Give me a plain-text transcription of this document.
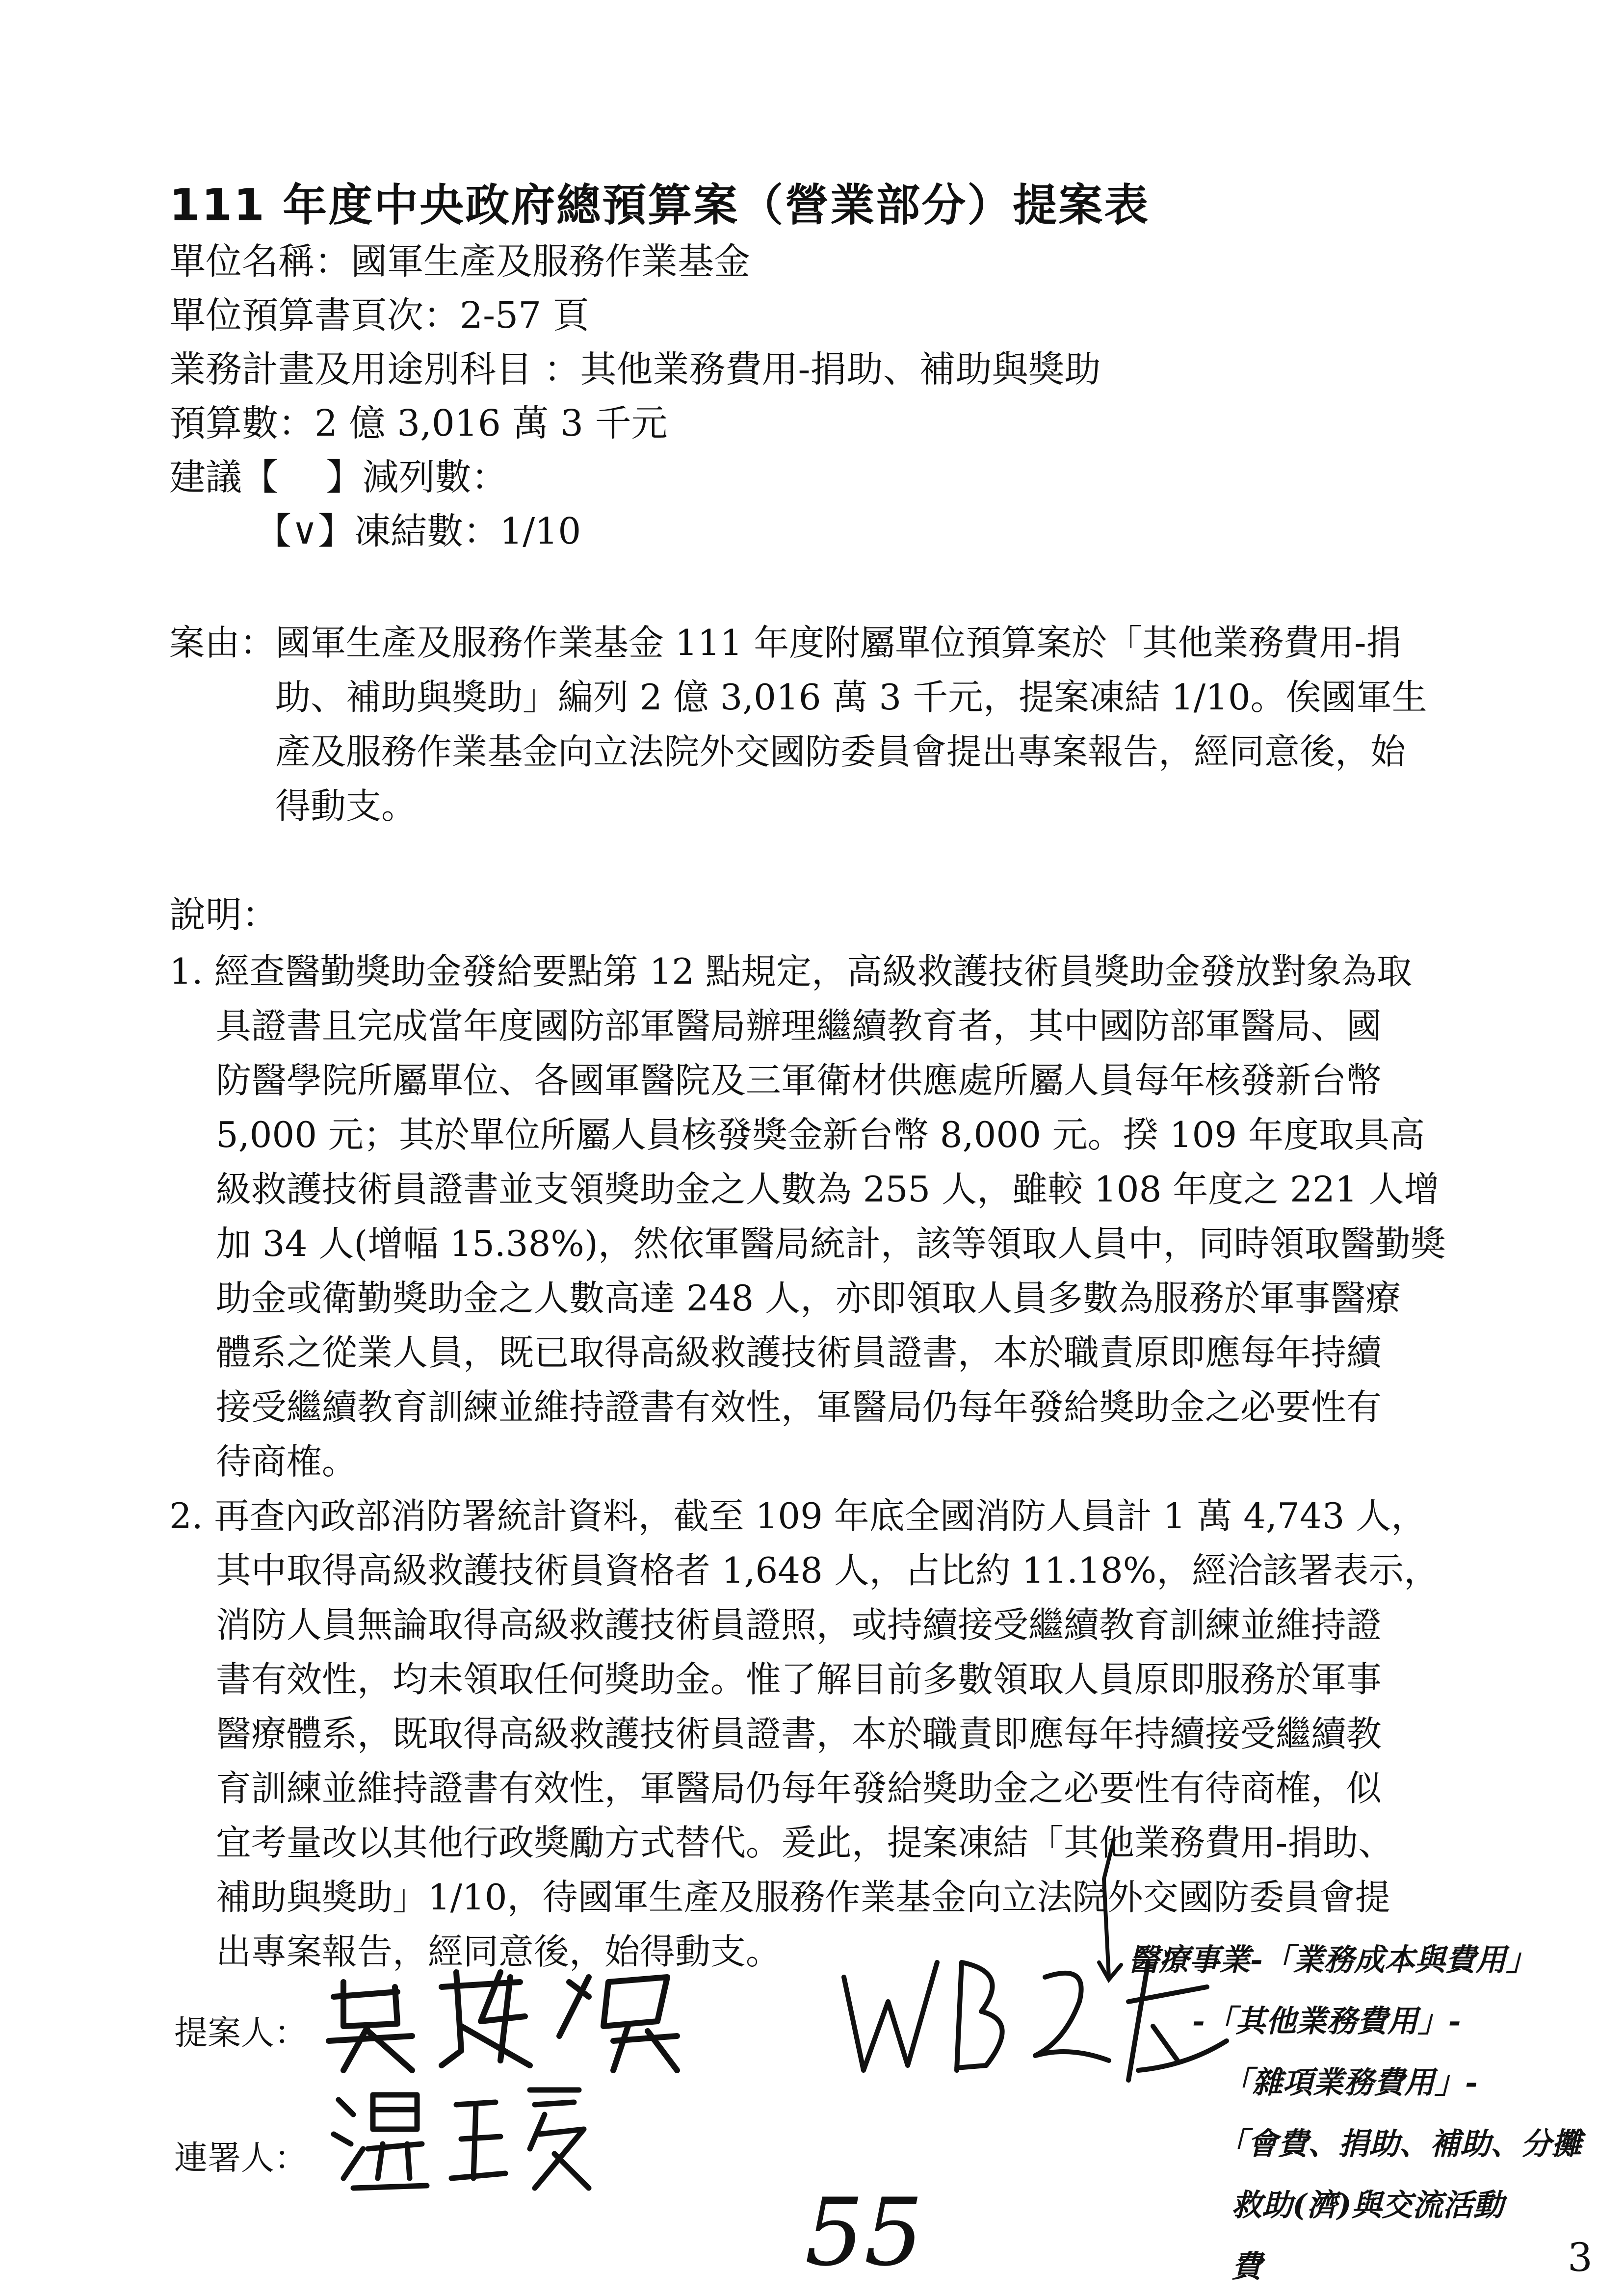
111 年度中央政府總預算案（營業部分）提案表
單位名稱：國軍生產及服務作業基金
單位預算書頁次：2-57 頁
業務計畫及用途別科目 ：其他業務費用-捐助、補助與獎助
預算數：2 億 3,016 萬 3 千元
建議【　 】減列數：
【∨】凍結數：1/10
案由：國軍生產及服務作業基金 111 年度附屬單位預算案於「其他業務費用-捐
　　　助、補助與獎助」編列 2 億 3,016 萬 3 千元，提案凍結 1/10。俟國軍生
　　　產及服務作業基金向立法院外交國防委員會提出專案報告，經同意後，始
　　　得動支。
說明：
1. 經查醫勤獎助金發給要點第 12 點規定，高級救護技術員獎助金發放對象為取
　 具證書且完成當年度國防部軍醫局辦理繼續教育者，其中國防部軍醫局、國
　 防醫學院所屬單位、各國軍醫院及三軍衛材供應處所屬人員每年核發新台幣
　 5,000 元；其於單位所屬人員核發獎金新台幣 8,000 元。揆 109 年度取具高
　 級救護技術員證書並支領獎助金之人數為 255 人，雖較 108 年度之 221 人增
　 加 34 人(增幅 15.38%)，然依軍醫局統計，該等領取人員中，同時領取醫勤獎
　 助金或衛勤獎助金之人數高達 248 人，亦即領取人員多數為服務於軍事醫療
　 體系之從業人員，既已取得高級救護技術員證書，本於職責原即應每年持續
　 接受繼續教育訓練並維持證書有效性，軍醫局仍每年發給獎助金之必要性有
　 待商榷。
2. 再查內政部消防署統計資料，截至 109 年底全國消防人員計 1 萬 4,743 人，
　 其中取得高級救護技術員資格者 1,648 人，占比約 11.18%，經洽該署表示，
　 消防人員無論取得高級救護技術員證照，或持續接受繼續教育訓練並維持證
　 書有效性，均未領取任何獎助金。惟了解目前多數領取人員原即服務於軍事
　 醫療體系，既取得高級救護技術員證書，本於職責即應每年持續接受繼續教
　 育訓練並維持證書有效性，軍醫局仍每年發給獎助金之必要性有待商榷，似
　 宜考量改以其他行政獎勵方式替代。爰此，提案凍結「其他業務費用-捐助、
　 補助與獎助」1/10，待國軍生產及服務作業基金向立法院外交國防委員會提
　 出專案報告，經同意後，始得動支。
提案人：
連署人：
55
醫療事業-「業務成本與費用」
-「其他業務費用」-
「雜項業務費用」-
「會費、捐助、補助、分攤
救助(濟)與交流活動
費	3
